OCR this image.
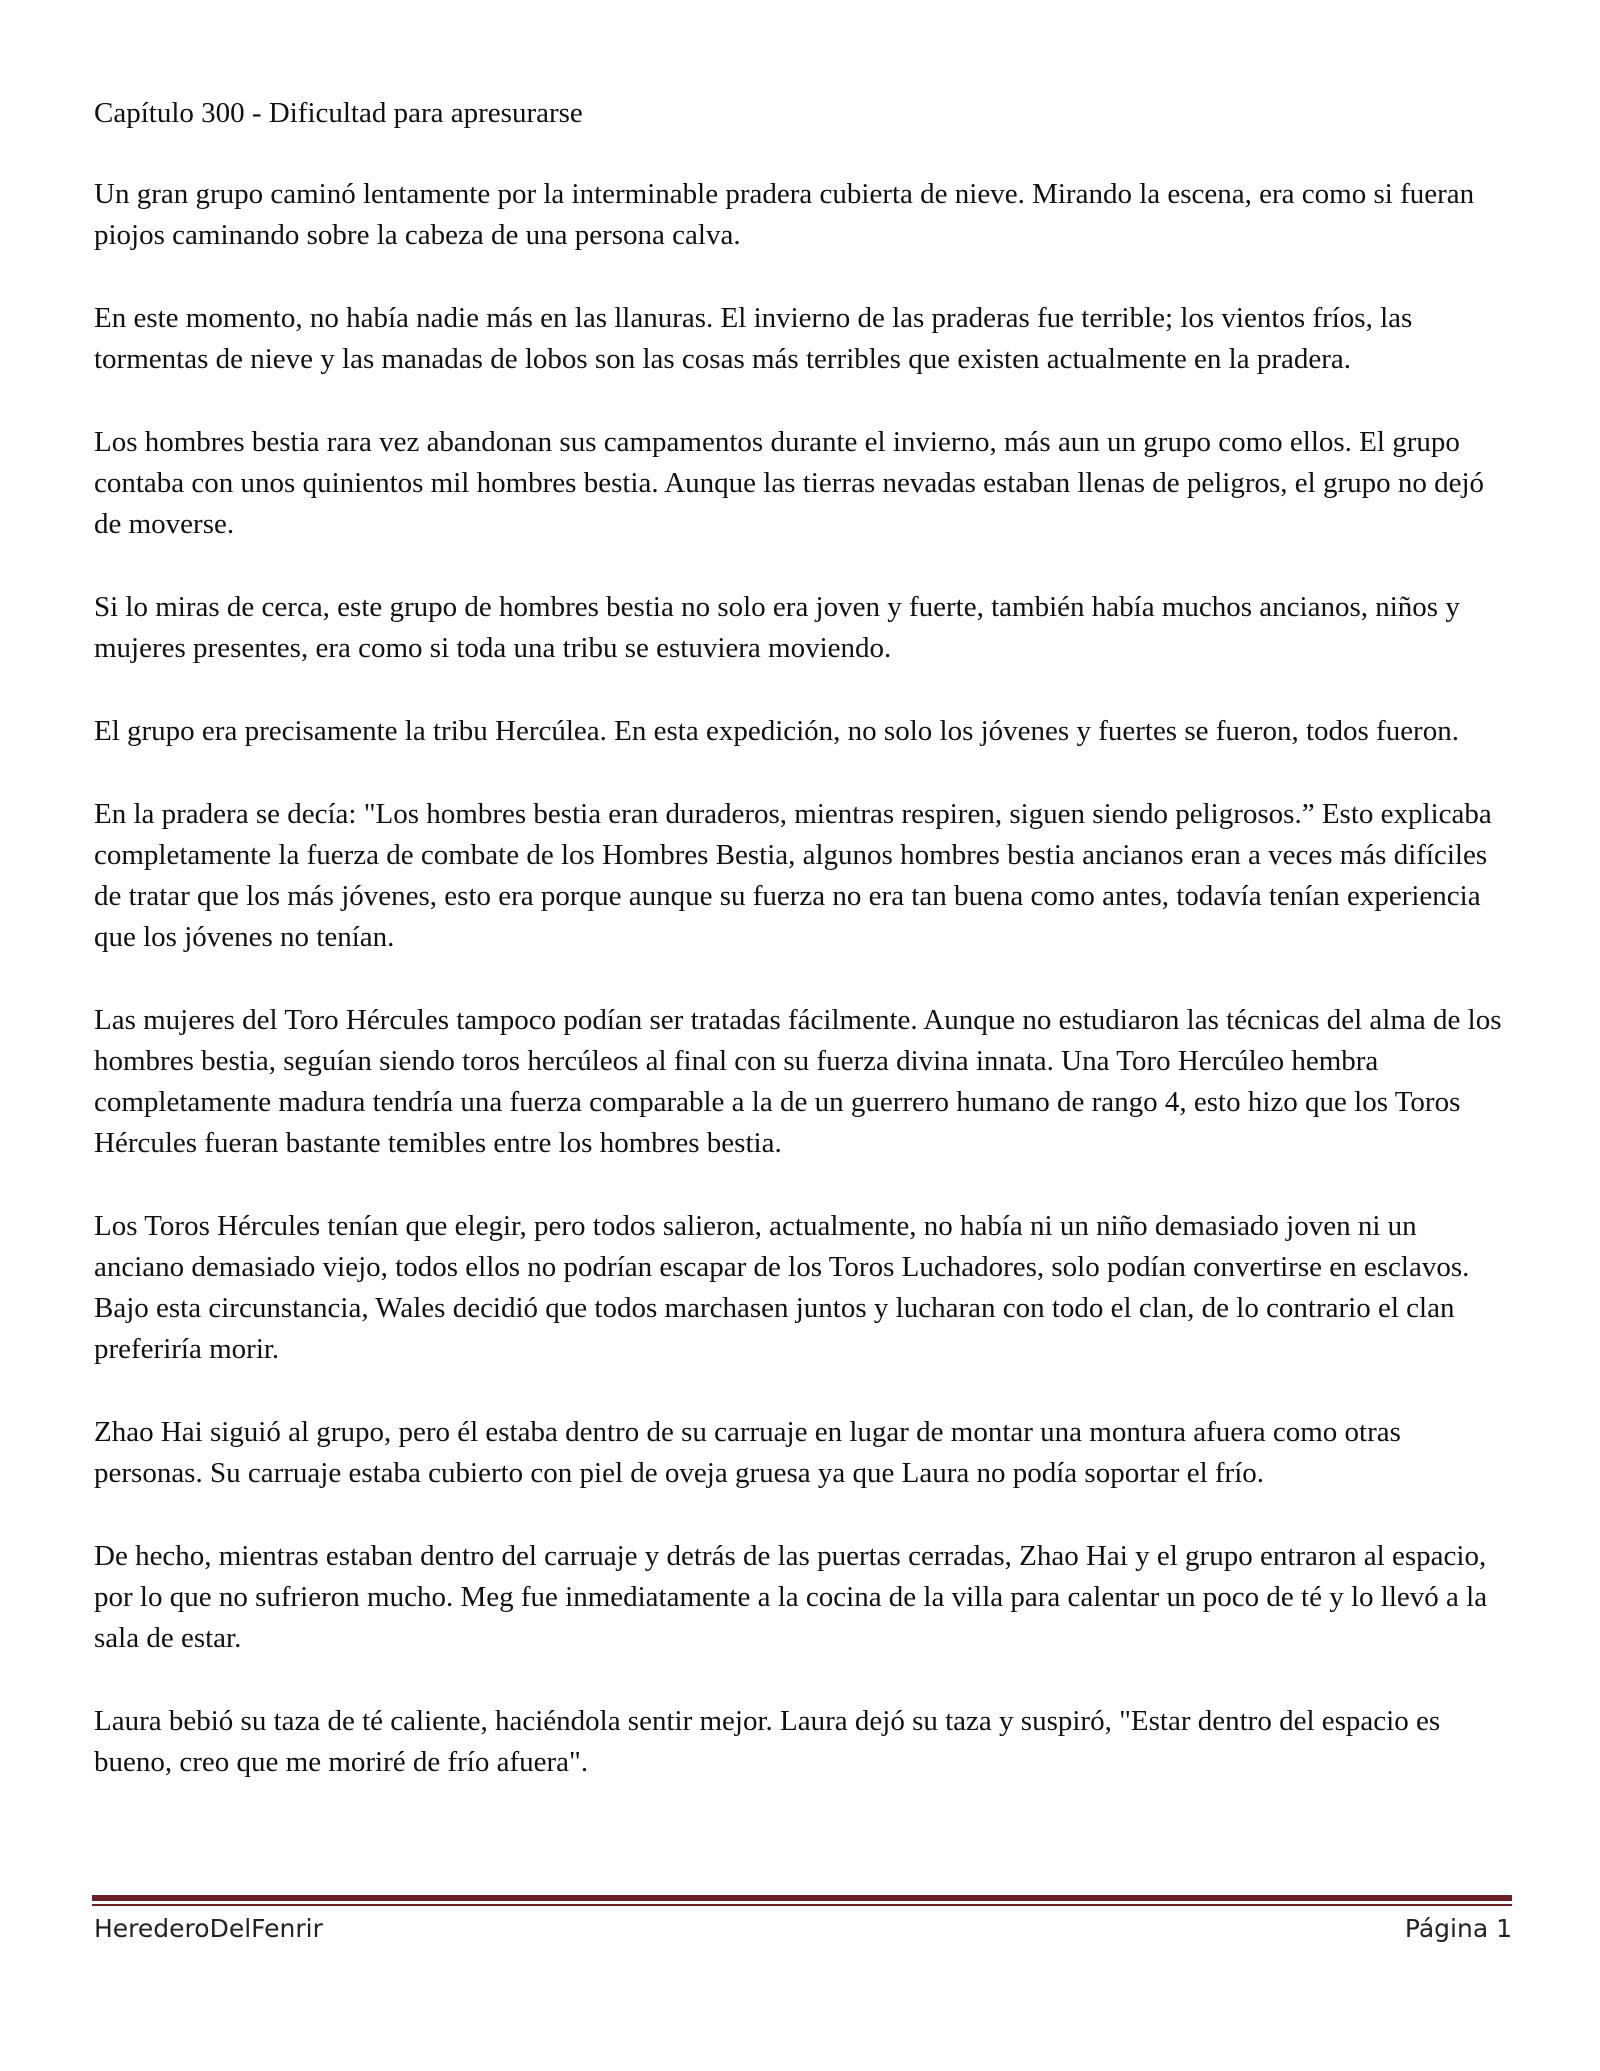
Capítulo 300 - Dificultad para apresurarse

Un gran grupo caminó lentamente por la interminable pradera cubierta de nieve. Mirando la escena, era como si fueran piojos caminando sobre la cabeza de una persona calva.

En este momento, no había nadie más en las llanuras. El invierno de las praderas fue terrible; los vientos fríos, las tormentas de nieve y las manadas de lobos son las cosas más terribles que existen actualmente en la pradera.

Los hombres bestia rara vez abandonan sus campamentos durante el invierno, más aun un grupo como ellos. El grupo contaba con unos quinientos mil hombres bestia. Aunque las tierras nevadas estaban llenas de peligros, el grupo no dejó de moverse.

Si lo miras de cerca, este grupo de hombres bestia no solo era joven y fuerte, también había muchos ancianos, niños y mujeres presentes, era como si toda una tribu se estuviera moviendo.

El grupo era precisamente la tribu Hercúlea. En esta expedición, no solo los jóvenes y fuertes se fueron, todos fueron.

En la pradera se decía: "Los hombres bestia eran duraderos, mientras respiren, siguen siendo peligrosos.” Esto explicaba completamente la fuerza de combate de los Hombres Bestia, algunos hombres bestia ancianos eran a veces más difíciles de tratar que los más jóvenes, esto era porque aunque su fuerza no era tan buena como antes, todavía tenían experiencia que los jóvenes no tenían.

Las mujeres del Toro Hércules tampoco podían ser tratadas fácilmente. Aunque no estudiaron las técnicas del alma de los hombres bestia, seguían siendo toros hercúleos al final con su fuerza divina innata. Una Toro Hercúleo hembra completamente madura tendría una fuerza comparable a la de un guerrero humano de rango 4, esto hizo que los Toros Hércules fueran bastante temibles entre los hombres bestia.

Los Toros Hércules tenían que elegir, pero todos salieron, actualmente, no había ni un niño demasiado joven ni un anciano demasiado viejo, todos ellos no podrían escapar de los Toros Luchadores, solo podían convertirse en esclavos. Bajo esta circunstancia, Wales decidió que todos marchasen juntos y lucharan con todo el clan, de lo contrario el clan preferiría morir.

Zhao Hai siguió al grupo, pero él estaba dentro de su carruaje en lugar de montar una montura afuera como otras personas. Su carruaje estaba cubierto con piel de oveja gruesa ya que Laura no podía soportar el frío.

De hecho, mientras estaban dentro del carruaje y detrás de las puertas cerradas, Zhao Hai y el grupo entraron al espacio, por lo que no sufrieron mucho. Meg fue inmediatamente a la cocina de la villa para calentar un poco de té y lo llevó a la sala de estar.

Laura bebió su taza de té caliente, haciéndola sentir mejor. Laura dejó su taza y suspiró, "Estar dentro del espacio es bueno, creo que me moriré de frío afuera".

HerederoDelFenrir	Página 1
